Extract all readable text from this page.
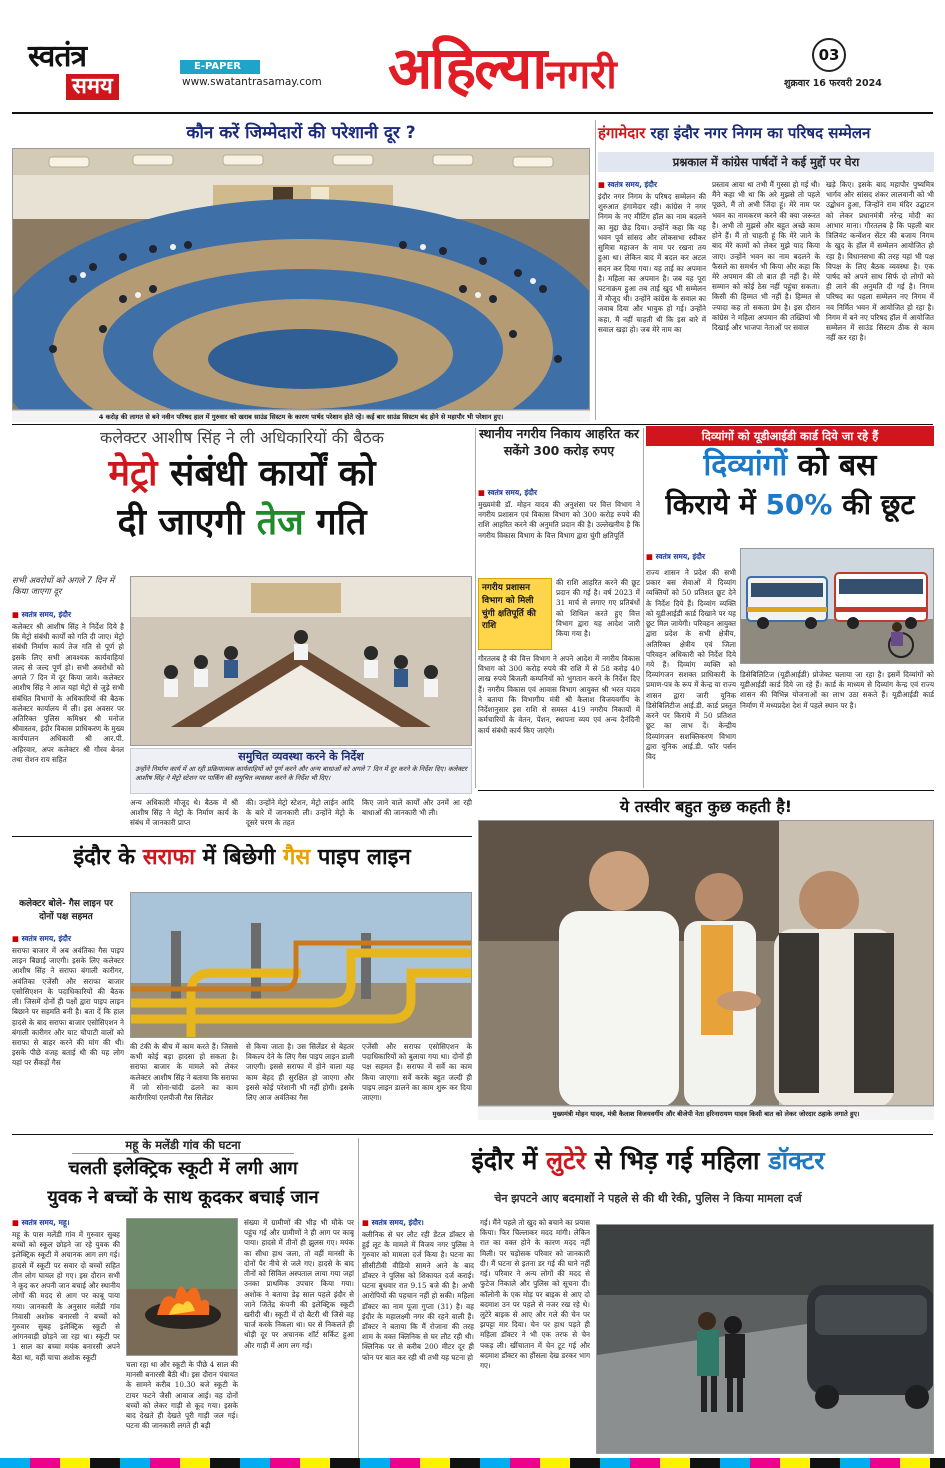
स्वतंत्र
समय
E-PAPER
www.swatantrasamay.com अहिल्यानगरी	03
शुक्रवार 16 फरवरी 2024
कौन करें जिम्मेदारों की परेशानी दूर ?
4 करोड़ की लागत से बने नवीन परिषद हाल में गुरुवार को खराब साउंड सिस्टम के कारण पार्षद परेशान होते रहे। कई बार साउंड सिस्टम बंद होने से महापौर भी परेशान हुए।
हंगामेदार रहा इंदौर नगर निगम का परिषद सम्मेलन
प्रश्नकाल में कांग्रेस पार्षदों ने कई मुद्दों पर घेरा
■ स्वतंत्र समय, इंदौर
इंदौर नगर निगम के परिषद सम्मेलन की शुरुआत हंगामेदार रही। कांग्रेस ने नगर निगम के नए मीटिंग हॉल का नाम बदलने का मुद्दा छेड़ दिया। उन्होंने कहा कि यह भवन पूर्व सांसद और लोकसभा स्पीकर सुमित्रा महाजन के नाम पर रखना तय हुआ था। लेकिन बाद में बदल कर अटल सदन कर दिया गया। यह ताई का अपमान है। महिला का अपमान है। जब यह पूरा घटनाक्रम हुआ तब ताई खुद भी सम्मेलन में मौजूद थी। उन्होंने कांग्रेस के सवाल का जवाब दिया और भावुक हो गई। उन्होंने कहा, मैं नहीं चाहती थी कि इस बारे में सवाल खड़ा हो। जब मेरे नाम का
प्रस्ताव आया था तभी मैं गुस्सा हो गई थी। मैंने कहा भी था कि अरे मुझसे तो पहले पूछते, मैं तो अभी जिंदा हूं। मेरे नाम पर भवन का नामकरण करने की क्या जरूरत है। अभी तो मुझसे और बहुत अच्छे काम होने हैं। मैं तो चाहती हूं कि मेरे जाने के बाद मेरे कामों को लेकर मुझे याद किया जाए। उन्होंने भवन का नाम बदलने के फैसले का समर्थन भी किया और कहा कि मेरे अपमान की तो बात ही नहीं है। मेरे सम्मान को कोई ठेस नहीं पहुंचा सकता। किसी की हिम्मत भी नहीं है। हिम्मत से ज्यादा कह तो सकता प्रेम है। इस दौरान कांग्रेस ने महिला अपमान की तख्तियां भी दिखाई और भाजपा नेताओं पर सवाल
खड़े किए। इसके बाद महापौर पुष्यमित्र भार्गव और सांसद शंकर लालवानी को भी उद्बोधन हुआ, जिन्होंने राम मंदिर उद्घाटन को लेकर प्रधानमंत्री नरेन्द्र मोदी का आभार माना। गौरतलब है कि पहली बार त्रिलियंट कन्वेंशन सेंटर की बजाय निगम के खुद के हॉल में सम्मेलन आयोजित हो रहा है। विधानसभा की तरह यहां भी पक्ष विपक्ष के लिए बैठक व्यवस्था है। एक पार्षद को अपने साथ सिर्फ दो लोगों को ही लाने की अनुमति दी गई है। निगम परिषद का पहला सम्मेलन नए निगम में नव निर्मित भवन में आयोजित हो रहा है। निगम में बने नए परिषद हॉल में आयोजित सम्मेलन में साउंड सिस्टम ठीक से काम नहीं कर रहा है।
कलेक्टर आशीष सिंह ने ली अधिकारियों की बैठक
मेट्रो संबंधी कार्यों को
दी जाएगी तेज गति
सभी अवरोधों को अगले 7 दिन में किया जाएगा दूर
■ स्वतंत्र समय, इंदौर
कलेक्टर श्री आशीष सिंह ने निर्देश दिये है कि मेट्रो संबंधी कार्यों को गति दी जाए। मेट्रो संबंधी निर्माण कार्य तेज गति से पूर्ण हो इसके लिए सभी आवश्यक कार्यवाहियां जल्द से जल्द पूर्ण हो। सभी अवरोधों को अगले 7 दिन में दूर किया जाये। कलेक्टर आशीष सिंह ने आज यहां मेट्रो से जुड़े सभी संबंधित विभागों के अधिकारियों की बैठक कलेक्टर कार्यालय में ली। इस अवसर पर अतिरिक्त पुलिस कमिश्नर श्री मनोज श्रीवास्तव, इंदौर विकास प्राधिकरण के मुख्य कार्यपालन अधिकारी श्री आर.पी. अहिरवार, अपर कलेक्टर श्री गौरव बेनल तथा रोशन राय सहित	समुचित व्यवस्था करने के निर्देश
उन्होंने निर्माण कार्य में आ रही प्रक्रियात्मक कार्यवाहियों को पूर्ण करने और अन्य बाधाओं को अगले 7 दिन में दूर करने के निर्देश दिए। कलेक्टर आशीष सिंह ने मेट्रो स्टेशन पर पार्किंग की समुचित व्यवस्था करने के निर्देश भी दिए।
अन्य अधिकारी मौजूद थे। बैठक में श्री आशीष सिंह ने मेट्रो के निर्माण कार्य के संबंध में जानकारी प्राप्त
की। उन्होंने मेट्रो स्टेशन, मेट्रो लाईन आदि के बारे में जानकारी ली। उन्होंने मेट्रो के दूसरे चरण के तहत
किए जाने वाले कार्यों और उनमें आ रही बाधाओं की जानकारी भी ली।
स्थानीय नगरीय निकाय आहरित कर सकेंगे 300 करोड़ रुपए
■ स्वतंत्र समय, इंदौर
मुख्यमंत्री डॉ. मोहन यादव की अनुशंसा पर वित्त विभाग ने नगरीय प्रशासन एवं विकास विभाग को 300 करोड़ रुपये की राशि आहरित करने की अनुमति प्रदान की है। उल्लेखनीय है कि नगरीय विकास विभाग के वित्त विभाग द्वारा चुंगी क्षतिपूर्ति
नगरीय प्रशासन विभाग को मिली चुंगी क्षतिपूर्ति की राशि
की राशि आहरित करने की छूट प्रदान की गई है। वर्ष 2023 में 31 मार्च से लगाए गए प्रतिबंधों को शिथिल करते हुए वित्त विभाग द्वारा यह आदेश जारी किया गया है।
गौरतलब है की वित्त विभाग ने अपने आदेश में नगरीय विकास विभाग को 300 करोड़ रुपये की राशि में से 58 करोड़ 40 लाख रुपये बिजली कम्पनियों को भुगतान करने के निर्देश दिए हैं। नगरीय विकास एवं आवास विभाग आयुक्त श्री भरत यादव ने बताया कि विभागीय मंत्री श्री कैलाश विजयवर्गीय के निर्देशानुसार इस राशि से समस्त 419 नगरीय निकायों में कर्मचारियों के वेतन, पेंशन, स्थापना व्यय एवं अन्य दैनंदिनी कार्य संबंधी कार्य किए जाएंगे।
दिव्यांगों को यूडीआईडी कार्ड दिये जा रहे हैं
दिव्यांगों को बस
किराये में 50% की छूट
■ स्वतंत्र समय, इंदौर
राज्य शासन ने प्रदेश की सभी प्रकार बस सेवाओं में दिव्यांग व्यक्तियों को 50 प्रतिशत छूट देने के निर्देश दिये हैं। दिव्यांग व्यक्ति को यूडीआईडी कार्ड दिखाने पर यह छूट मिल जायेगी। परिवहन आयुक्त द्वारा प्रदेश के सभी क्षेत्रीय, अतिरिक्त क्षेत्रीय एवं जिला परिवहन अधिकारी को निर्देश दिये गये हैं। दिव्यांग व्यक्ति को दिव्यांगजन सशक्त प्राधिकारी के प्रमाण-पत्र के रूप में केन्द्र या राज्य शासन द्वारा जारी यूनिक डिसेबिलिटीज आई.डी. कार्ड प्रस्तुत करने पर किराये में 50 प्रतिशत छूट का लाभ दें। केन्द्रीय दिव्यांगजन सशक्तिकरण विभाग द्वारा यूनिक आई.डी. फॉर पर्सन विद
डिसेबिलिटिज (यूडीआईडी) प्रोजेक्ट चलाया जा रहा है। इसमें दिव्यांगों को यूडीआईडी कार्ड दिये जा रहे हैं। कार्ड के माध्यम से दिव्यांग केन्द्र एवं राज्य शासन की विभिन्न योजनाओं का लाभ उठा सकते हैं। यूडीआईडी कार्ड निर्माण में मध्यप्रदेश देश में पहले स्थान पर है।
ये तस्वीर बहुत कुछ कहती है!
मुख्यमंत्री मोहन यादव, मंत्री कैलाश विजयवर्गीय और बीजेपी नेता हरिनारायण यादव किसी बात को लेकर जोरदार ठहाके लगाते हुए।
इंदौर के सराफा में बिछेगी गैस पाइप लाइन
कलेक्टर बोले- गैस लाइन पर दोनों पक्ष सहमत
■ स्वतंत्र समय, इंदौर
सराफा बाजार में अब अवंतिका गैस पाइप लाइन बिछाई जाएगी। इसके लिए कलेक्टर आशीष सिंह ने सराफा बंगाली कारीगर, अवंतिका एजेंसी और सराफा बाजार एसोसिएशन के पदाधिकारियों की बैठक ली। जिसमें दोनों ही पक्षों द्वारा पाइप लाइन बिछाने पर सहमति बनी है। बता दें कि हाल हादसे के बाद सराफा बाजार एसोसिएशन ने बंगाली कारीगर और चाट चौपाटी वालों को सराफा से बाहर करने की मांग की थी। इसके पीछे वजह बताई थी की यह लोग यहां पर सैंकड़ों गैस
की टंकी के बीच में काम करते हैं। जिससे कभी कोई बड़ा हादसा हो सकता है। सराफा बाजार के मामले को लेकर कलेक्टर आशीष सिंह ने बताया कि सराफा में जो सोना-चांदी ढलने का काम कारीगरियां एलपीजी गैस सिलेंडर
से किया जाता है। उस सिलेंडर से बेहतर विकल्प देने के लिए गैस पाइप लाइन डाली जाएगी। इससे सराफा में होने वाला यह काम बेहद ही सुरक्षित हो जाएगा और इससे कोई परेशानी भी नहीं होगी। इसके लिए आज अवंतिका गैस
एजेंसी और सराफा एसोसिएशन के पदाधिकारियों को बुलाया गया था। दोनों ही पक्ष सहमत हैं। सराफा में सर्वे का काम किया जाएगा। सर्वे करके बहुत जल्दी ही पाइप लाइन डालने का काम शुरू कर दिया जाएगा।
महू के मलेंडी गांव की घटना
चलती इलेक्ट्रिक स्कूटी में लगी आग
युवक ने बच्चों के साथ कूदकर बचाई जान
■ स्वतंत्र समय, महू।
महू के पास मलेंडी गांव में गुरुवार सुबह बच्चों को स्कूल छोड़ने जा रहे युवक की इलेक्ट्रिक स्कूटी में अचानक आग लग गई। हादसे में स्कूटी पर सवार दो बच्चों सहित तीन लोग घायल हो गए। इस दौरान सभी ने कूद कर अपनी जान बचाई और स्थानीय लोगों की मदद से आग पर काबू पाया गया। जानकारी के अनुसार मलेंडी गांव निवासी अशोक बनारसी ने बच्चों को गुरुवार सुबह इलेक्ट्रिक स्कूटी से आंगनवाड़ी छोड़ने जा रहा था। स्कूटी पर 1 साल का बच्चा मयंक बनारसी अपने बैठा था, वहीं चाचा अशोक स्कूटी
चला रहा था और स्कूटी के पीछे 4 साल की मानसी बनारसी बैठी थी। इस दौरान पंचायत के सामने करीब 10.30 बजे स्कूटी के टायर फटने जैसी आवाज आई। वह दोनों बच्चों को लेकर गाड़ी से कूद गया। इसके बाद देखते ही देखते पूरी गाड़ी जल गई। घटना की जानकारी लगते ही बड़ी
संख्या में ग्रामीणों की भीड़ भी मौके पर पहुंच गई और ग्रामीणों ने ही आग पर काबू पाया। हादसे में तीनों ही झुलस गए। मयंक का सीधा हाथ जला, तो वहीं मानसी के दोनों पैर नीचे से जले गए। हादसे के बाद तीनों को सिविल अस्पताल लाया गया जहां उनका प्राथमिक उपचार किया गया। अशोक ने बताया डेढ़ साल पहले इंदौर से जाने जितेंद्र कंपनी की इलेक्ट्रिक स्कूटी खरीदी थी। स्कूटी में दो बैटरी थी जिसे वह चार्ज करके निकला था। घर से निकलते ही थोड़ी दूर पर अचानक शॉर्ट सर्किट हुआ और गाड़ी में आग लग गई।
इंदौर में लुटेरे से भिड़ गई महिला डॉक्टर
चेन झपटने आए बदमाशों ने पहले से की थी रेकी, पुलिस ने किया मामला दर्ज
■ स्वतंत्र समय, इंदौर।
क्लीनिक से घर लौट रही डेंटल डॉक्टर से हुई लूट के मामले में विजय नगर पुलिस ने गुरुवार को मामला दर्ज किया है। घटना का सीसीटीवी वीडियो सामने आने के बाद डॉक्टर ने पुलिस को शिकायत दर्ज कराई। घटना बुधवार रात 9.15 बजे की है। अभी आरोपियों की पहचान नहीं हो सकी। महिला डॉक्टर का नाम पूजा गुप्ता (31) है। वह इंदौर के महालक्ष्मी नगर की रहने वाली हैं। डॉक्टर ने बताया कि मैं रोजाना की तरह शाम के वक्त क्लिनिक से घर लौट रही थी। क्लिनिक पर से करीब 200 मीटर दूर ही फोन पर बात कर रही थी तभी यह घटना हो
गई। मैंने पहले तो खुद को बचाने का प्रयास किया। फिर चिल्लाकर मदद मांगी। लेकिन रात का वक्त होने के कारण मदद नहीं मिली। पर चड़ोसक परिवार को जानकारी दी। मैं घटना से इतना डर गई की घाने नहीं गई। परिवार ने अन्य लोगों की मदद से फुटेज निकाले और पुलिस को सूचना दी। कॉलोनी के एक मोड़ पर बाइक से आए दो बदमाश उन पर पहले से नजर रख रहे थे। लुटेरे बाइक से आए और गले की चेन पर झपट्टा मार दिया। चेन पर हाथ पड़ते ही महिला डॉक्टर ने भी एक तरफ से चेन पकड़ ली। खींचातान में चेन टूट गई और बदमाश डॉक्टर का हौंसला देख डरकर भाग गए।
